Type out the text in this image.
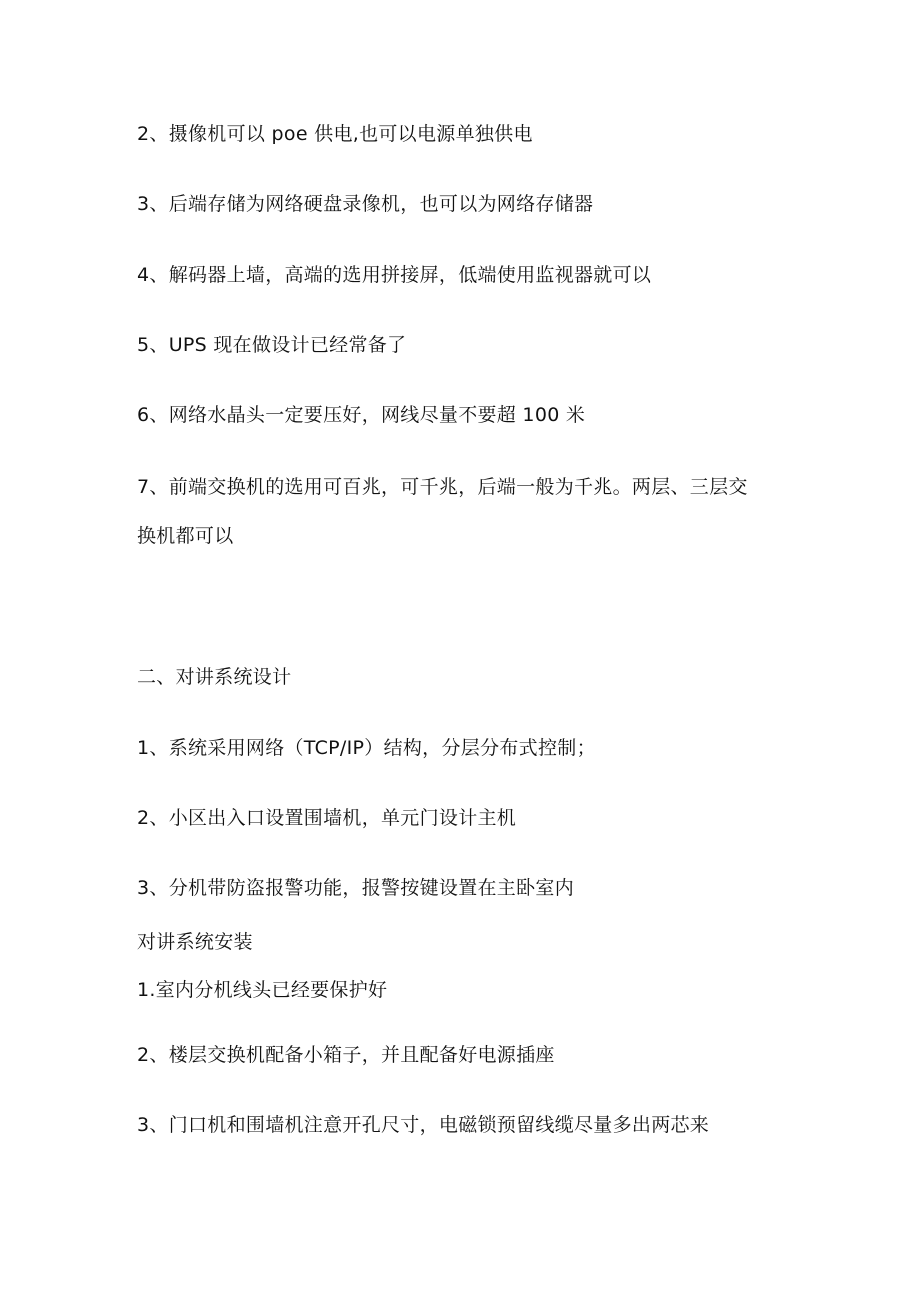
2、摄像机可以 poe 供电,也可以电源单独供电
3、后端存储为网络硬盘录像机，也可以为网络存储器
4、解码器上墙，高端的选用拼接屏，低端使用监视器就可以
5、UPS 现在做设计已经常备了
6、网络水晶头一定要压好，网线尽量不要超 100 米
7、前端交换机的选用可百兆，可千兆，后端一般为千兆。两层、三层交
换机都可以
二、对讲系统设计
1、系统采用网络（TCP/IP）结构，分层分布式控制；
2、小区出入口设置围墙机，单元门设计主机
3、分机带防盗报警功能，报警按键设置在主卧室内
对讲系统安装
1.室内分机线头已经要保护好
2、楼层交换机配备小箱子，并且配备好电源插座
3、门口机和围墙机注意开孔尺寸，电磁锁预留线缆尽量多出两芯来
